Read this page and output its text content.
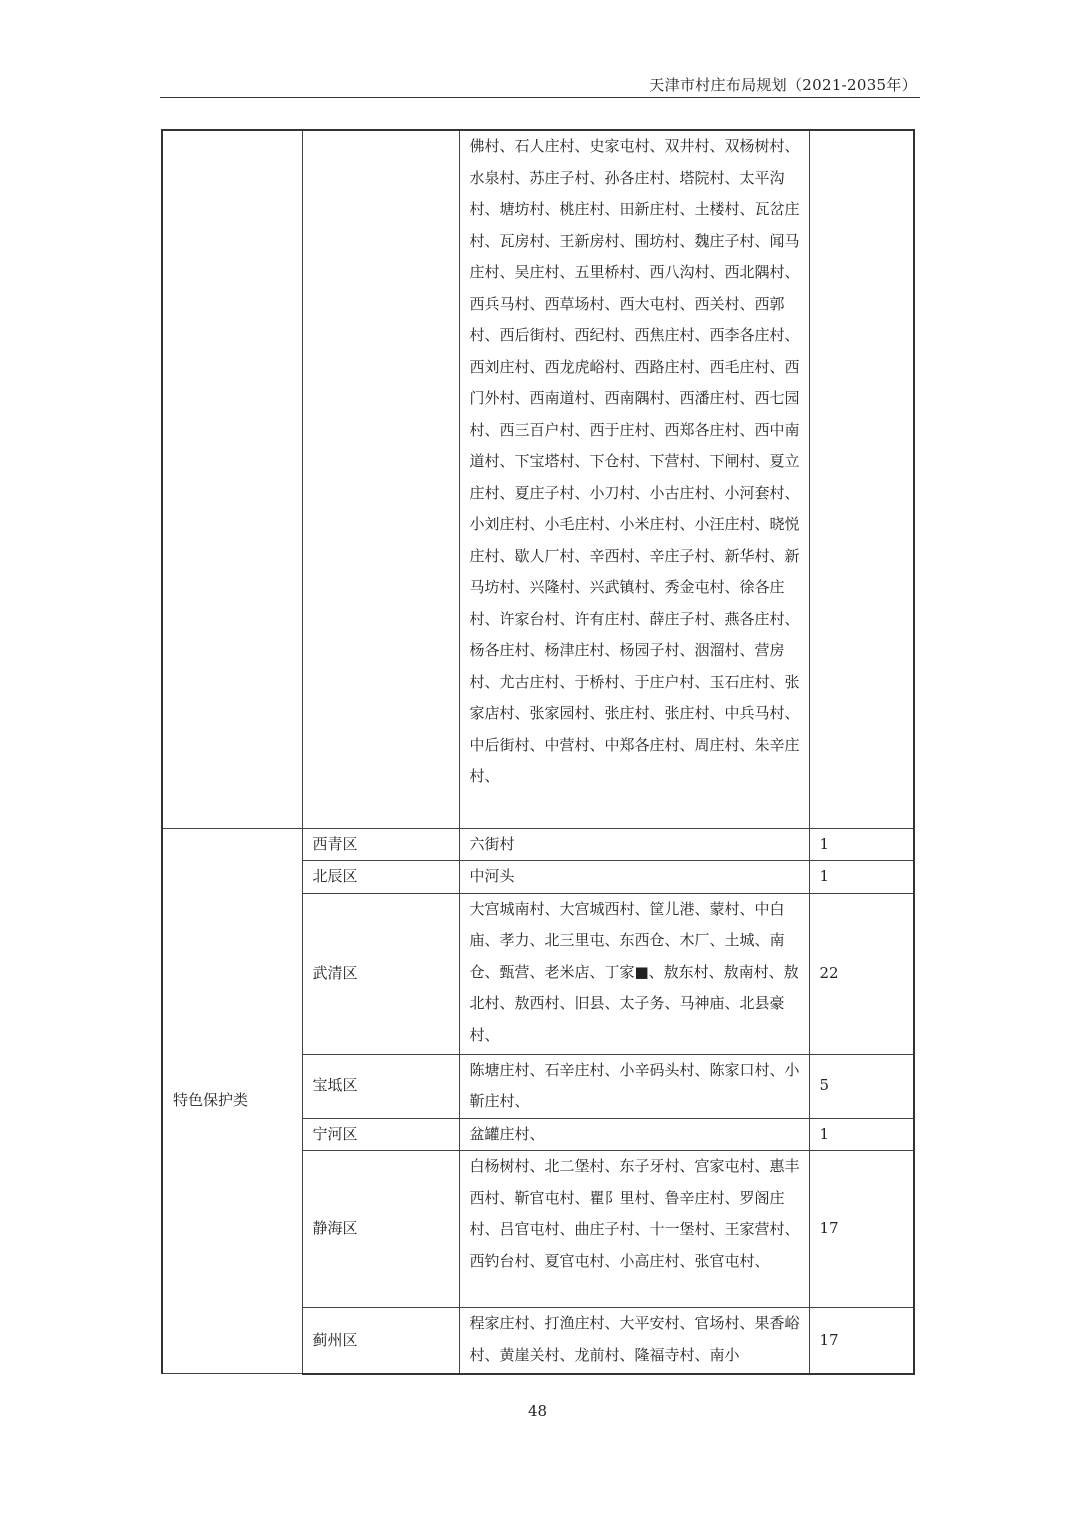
天津市村庄布局规划（2021-2035年）
		佛村、石人庄村、史家屯村、双井村、双杨树村、水泉村、苏庄子村、孙各庄村、塔院村、太平沟村、塘坊村、桃庄村、田新庄村、土楼村、瓦岔庄村、瓦房村、王新房村、围坊村、魏庄子村、闻马庄村、吴庄村、五里桥村、西八沟村、西北隅村、西兵马村、西草场村、西大屯村、西关村、西郭村、西后街村、西纪村、西焦庄村、西李各庄村、西刘庄村、西龙虎峪村、西路庄村、西毛庄村、西门外村、西南道村、西南隅村、西潘庄村、西七园村、西三百户村、西于庄村、西郑各庄村、西中南道村、下宝塔村、下仓村、下营村、下闸村、夏立庄村、夏庄子村、小刀村、小古庄村、小河套村、小刘庄村、小毛庄村、小米庄村、小汪庄村、晓悦庄村、歇人厂村、辛西村、辛庄子村、新华村、新马坊村、兴隆村、兴武镇村、秀金屯村、徐各庄村、许家台村、许有庄村、薛庄子村、燕各庄村、杨各庄村、杨津庄村、杨园子村、洇溜村、营房村、尤古庄村、于桥村、于庄户村、玉石庄村、张家店村、张家园村、张庄村、张庄村、中兵马村、中后街村、中营村、中郑各庄村、周庄村、朱辛庄村、	
特色保护类	西青区	六街村	1
	北辰区	中河头	1
	武清区	大宫城南村、大宫城西村、筐儿港、蒙村、中白庙、孝力、北三里屯、东西仓、木厂、土城、南仓、甄营、老米店、丁家■、敖东村、敖南村、敖北村、敖西村、旧县、太子务、马神庙、北县豪村、	22
	宝坻区	陈塘庄村、石辛庄村、小辛码头村、陈家口村、小靳庄村、	5
	宁河区	盆罐庄村、	1
	静海区	白杨树村、北二堡村、东子牙村、宫家屯村、惠丰西村、靳官屯村、瞿阝里村、鲁辛庄村、罗阁庄村、吕官屯村、曲庄子村、十一堡村、王家营村、西钓台村、夏官屯村、小高庄村、张官屯村、	17
	蓟州区	程家庄村、打渔庄村、大平安村、官场村、果香峪村、黄崖关村、龙前村、隆福寺村、南小	17
48
